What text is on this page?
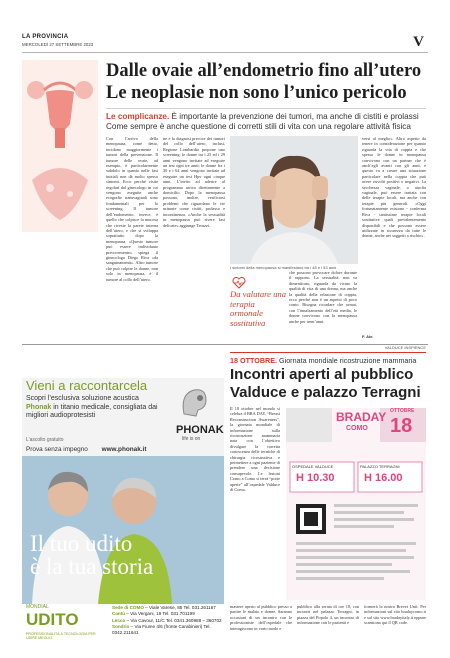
LA PROVINCIA
MERCOLEDÌ 27 SETTEMBRE 2023	V
Dalle ovaie all’endometrio fino all’utero
Le neoplasie non sono l’unico pericolo
Le complicanze. È importante la prevenzione dei tumori, ma anche di cistiti e prolassi Come sempre è anche questione di corretti stili di vita con una regolare attività fisica
Con l’arrivo della menopausa, come detto, incidono maggiormente i tumori della prevenzione. Il tumore delle ovaie, ad esempio, è particolarmente subdolo in quanto nelle fasi iniziali non dà molto spesso sintomi. Ecco perché visite regolari dal ginecologo in cui vengono eseguite anche ecografie transvaginali sono fondamentali per lo screening. Il tumore dell’endometrio, invece, è quello che colpisce la mucosa che riveste la parete interna dell’utero, e che si sviluppa soprattutto dopo la menopausa. «Questo tumore può essere individuato precocemente» spiega il ginecologo Diego Riva «da sanguinamenti». Altro tumore che può colpire le donne, non solo in menopausa, è il tumore al collo dell’utero.
ne e la diagnosi precoce dei tumori del collo dell’utero, inclusi, Regione Lombardia propone uno screening: le donne tra i 25 ed i 29 anni vengono invitate ad eseguire un test ogni tre anni; le donne fra i 30 e i 64 anni vengono invitate ad eseguire un test Hpv ogni cinque anni. L’invito ad aderire al programma arriva direttamente a domicilio. Dopo la menopausa possono, inoltre, verificarsi problemi che riguardano le vie urinarie come cistiti, prolasso e incontinenza. «Anche la sessualità in menopausa può rivere fasi delicate» aggiunge Teruzzi.
I sintomi della menopausa si manifestano tra i 48 e i 53 anni
Da valutare una terapia ormonale sostitutiva
che possono provocare dolore durante il rapporto. La sessualità, non va dimenticato, riguarda da vicino la qualità di vita di una donna, ma anche la qualità della relazione di coppia, ecco perché non è un aspetto di poco conto. Bisogna ricordare che ormai, con l’innalzamento dell’età media, le donne convivono con la menopausa anche per trent’anni.
versi al meglio». Altro aspetto da tenere in considerazione per quanto riguarda la vita di coppia e che spesso le donne in menopausa convivono con un partner che è anch’egli avanti con gli anni, e questo va a creare una situazione particolare nella coppia che può avere risvolti positivi o negativi. La secchezza vaginale, o atrofia vaginale, può essere trattata con delle terapie locali, ma anche con terapie più generali. «Oggi fortunatamente esistono - conferma Riva - tantissime terapie locali sostitutive quali prevalentemente disponibili e che possono essere utilizzate in sicurezza da tutte le donne, anche nei soggetti a rischio».
F. Ale.
Vieni a raccontarcela
Scopri l’esclusiva soluzione acustica
Phonak in titanio medicale, consigliata dai migliori audioprotesisti
L’ascolto gratuito
Prova senza impegno www.phonak.it
PHONAK
life is on
Il tuo udito
è la tua storia
MONDIAL
UDITO
PROFESSIONALITÀ & TECNOLOGIA PER UDIRE MEGLIO
Sede di COMO – Viale Varese, 85 Tel. 031.261167
Cantù – Via Vergani, 19 Tel. 031.701199
Lecco – Via Cavour, 11/C Tel. 0341.360988 – 360702
Sondrio – Via Fiume 4/6 (fronte Carabinieri) Tel. 0342.211641
VALDUCE INSPIENCE
18 OTTOBRE. Giornata mondiale ricostruzione mammaria
Incontri aperti al pubblico
Valduce e palazzo Terragni
Il 18 ottobre nel mondo si celebra il BRA DAY, “Breast Reconstruction Awareness”, la giornata mondiale di informazione sulla ricostruzione mammaria nata con l’obiettivo divulgare la corretta conoscenza delle tecniche di chirurgia ricostruttiva e permettere a ogni paziente di prendere una decisione consapevole. Le lesioni Como a Como si terrà “porte aperte” all’ospedale Valduce di Como.
BRADAY
COMO
OTTOBRE
18
OSPEDALE VALDUCE
H 10.30
PALAZZO TERRAGNI
H 16.00
mastere aperto al pubblico presso a partire le malato e donne. Saranno occasioni di un incontro con le professioniste dell’ospedale che interagiscono in vario modo e
pubblico alla serata di ore 18, con incontri nel palazzo Terragni, in piazza del Popolo 4, un incontro di informazione con le pazienti e
formerà la nostra Brevet Unit. Per informazioni sul sito bradaycomo.it e sul sito www.bradayitaly.it oppure scansiona qui il QR code.
